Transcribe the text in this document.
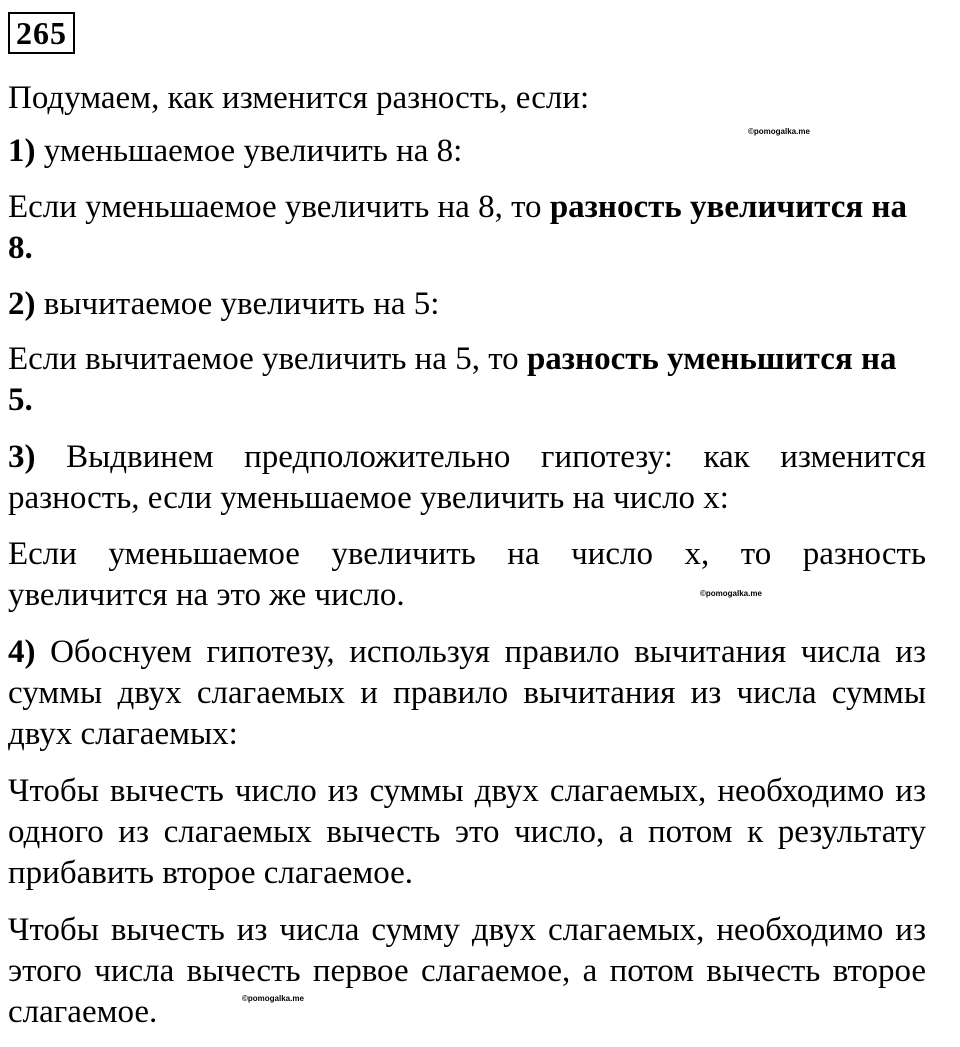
265

Подумаем, как изменится разность, если:

1) уменьшаемое увеличить на 8:

Если уменьшаемое увеличить на 8, то разность увеличится на 8.

2) вычитаемое увеличить на 5:

Если вычитаемое увеличить на 5, то разность уменьшится на 5.

3) Выдвинем предположительно гипотезу: как изменится разность, если уменьшаемое увеличить на число х:

Если уменьшаемое увеличить на число х, то разность увеличится на это же число.

4) Обоснуем гипотезу, используя правило вычитания числа из суммы двух слагаемых и правило вычитания из числа суммы двух слагаемых:

Чтобы вычесть число из суммы двух слагаемых, необходимо из одного из слагаемых вычесть это число, а потом к результату прибавить второе слагаемое.

Чтобы вычесть из числа сумму двух слагаемых, необходимо из этого числа вычесть первое слагаемое, а потом вычесть второе слагаемое.

©pomogalka.me
©pomogalka.me
©pomogalka.me
